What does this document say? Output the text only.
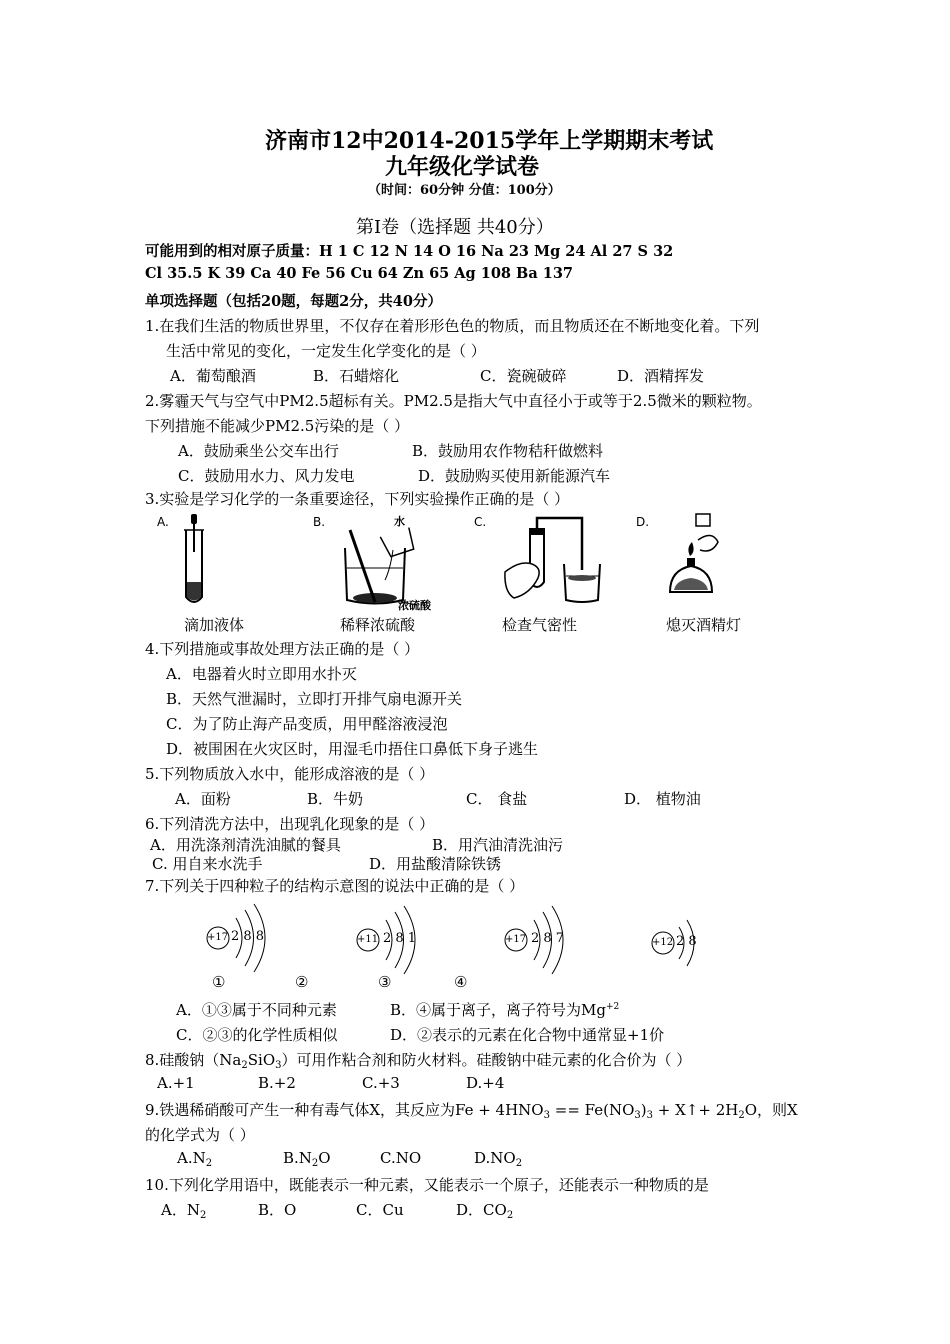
济南市12中2014-2015学年上学期期末考试
九年级化学试卷
（时间：60分钟 分值：100分）
第Ⅰ卷（选择题 共40分）
可能用到的相对原子质量：H 1 C 12 N 14 O 16 Na 23 Mg 24 Al 27 S 32
Cl 35.5 K 39 Ca 40 Fe 56 Cu 64 Zn 65 Ag 108 Ba 137
单项选择题（包括20题，每题2分，共40分）
1.在我们生活的物质世界里，不仅存在着形形色色的物质，而且物质还在不断地变化着。下列
生活中常见的变化，一定发生化学变化的是（ ）
A．葡萄酿酒	B．石蜡熔化	C．瓷碗破碎	D．酒精挥发
2.雾霾天气与空气中PM2.5超标有关。PM2.5是指大气中直径小于或等于2.5微米的颗粒物。
下列措施不能减少PM2.5污染的是（ ）
A．鼓励乘坐公交车出行	B．鼓励用农作物秸秆做燃料
C．鼓励用水力、风力发电	D．鼓励购买使用新能源汽车
3.实验是学习化学的一条重要途径，下列实验操作正确的是（ ）
A.	B.	C.	D.
水
浓硫酸
滴加液体	稀释浓硫酸	检查气密性	熄灭酒精灯
4.下列措施或事故处理方法正确的是（ ）
A．电器着火时立即用水扑灭
B．天然气泄漏时，立即打开排气扇电源开关
C．为了防止海产品变质，用甲醛溶液浸泡
D．被围困在火灾区时，用湿毛巾捂住口鼻低下身子逃生
5.下列物质放入水中，能形成溶液的是（ ）
A．面粉	B．牛奶	C． 食盐	D． 植物油
6.下列清洗方法中，出现乳化现象的是（ ）
A．用洗涤剂清洗油腻的餐具	B．用汽油清洗油污
C. 用自来水洗手	D．用盐酸清除铁锈
7.下列关于四种粒子的结构示意图的说法中正确的是（ ）
+17 2 8 8	+11 2 8 1	+17 2 8 7	+12 2 8
①	②	③	④
A．①③属于不同种元素	B．④属于离子，离子符号为$Mg^{+2}$
C．②③的化学性质相似	D．②表示的元素在化合物中通常显+1价
8.硅酸钠$(Na_2SiO_3)$可用作粘合剂和防火材料。硅酸钠中硅元素的化合价为（ ）
A.+1	B.+2	C.+3	D.+4
9.铁遇稀硝酸可产生一种有毒气体X，其反应为$Fe + 4HNO_3 == Fe(NO_3)_3$ + X↑+ $2H_2O$，则X
的化学式为（ ）
$A.N_2$	$B.N_2O$	C.NO	$D.NO_2$
10.下列化学用语中，既能表示一种元素，又能表示一个原子，还能表示一种物质的是
A．$N_2$	B．O	C．Cu	D．$CO_2$
